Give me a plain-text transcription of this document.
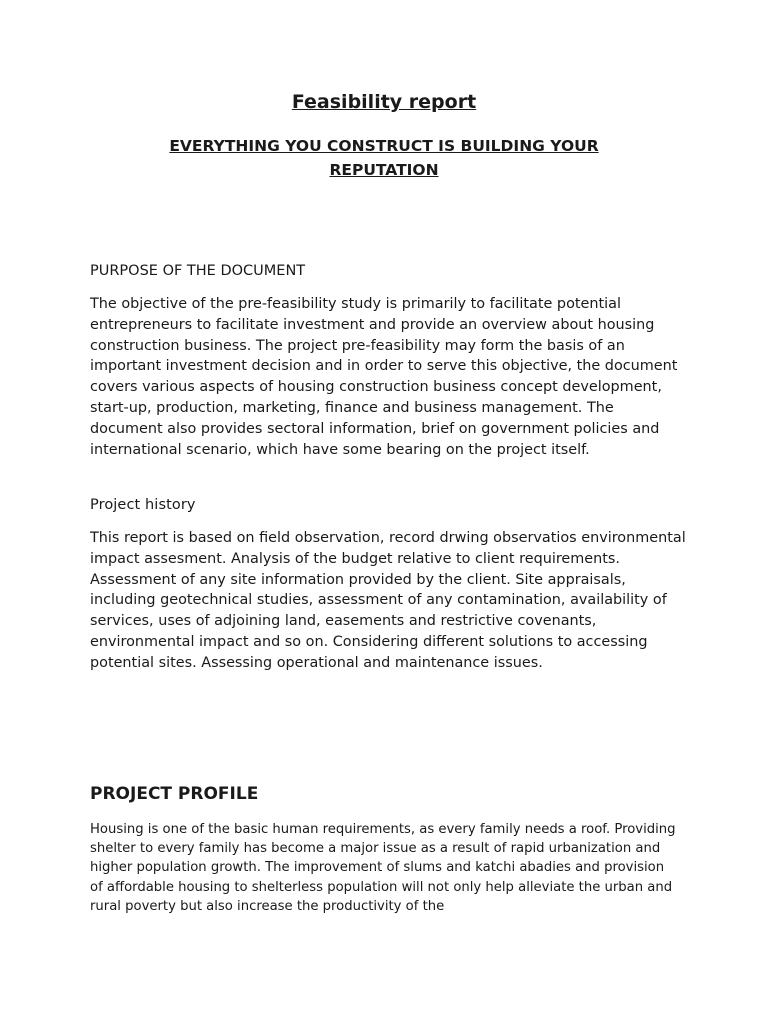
Feasibility report
EVERYTHING YOU CONSTRUCT IS BUILDING YOUR REPUTATION
PURPOSE OF THE DOCUMENT

The objective of the pre-feasibility study is primarily to facilitate potential entrepreneurs to facilitate investment and provide an overview about housing construction business. The project pre-feasibility may form the basis of an important investment decision and in order to serve this objective, the document covers various aspects of housing construction business concept development, start-up, production, marketing, finance and business management. The document also provides sectoral information, brief on government policies and international scenario, which have some bearing on the project itself.

Project history

This report is based on field observation, record drwing observatios environmental impact assesment. Analysis of the budget relative to client requirements. Assessment of any site information provided by the client. Site appraisals, including geotechnical studies, assessment of any contamination, availability of services, uses of adjoining land, easements and restrictive covenants, environmental impact and so on. Considering different solutions to accessing potential sites. Assessing operational and maintenance issues.

PROJECT PROFILE

Housing is one of the basic human requirements, as every family needs a roof. Providing shelter to every family has become a major issue as a result of rapid urbanization and higher population growth. The improvement of slums and katchi abadies and provision of affordable housing to shelterless population will not only help alleviate the urban and rural poverty but also increase the productivity of the
